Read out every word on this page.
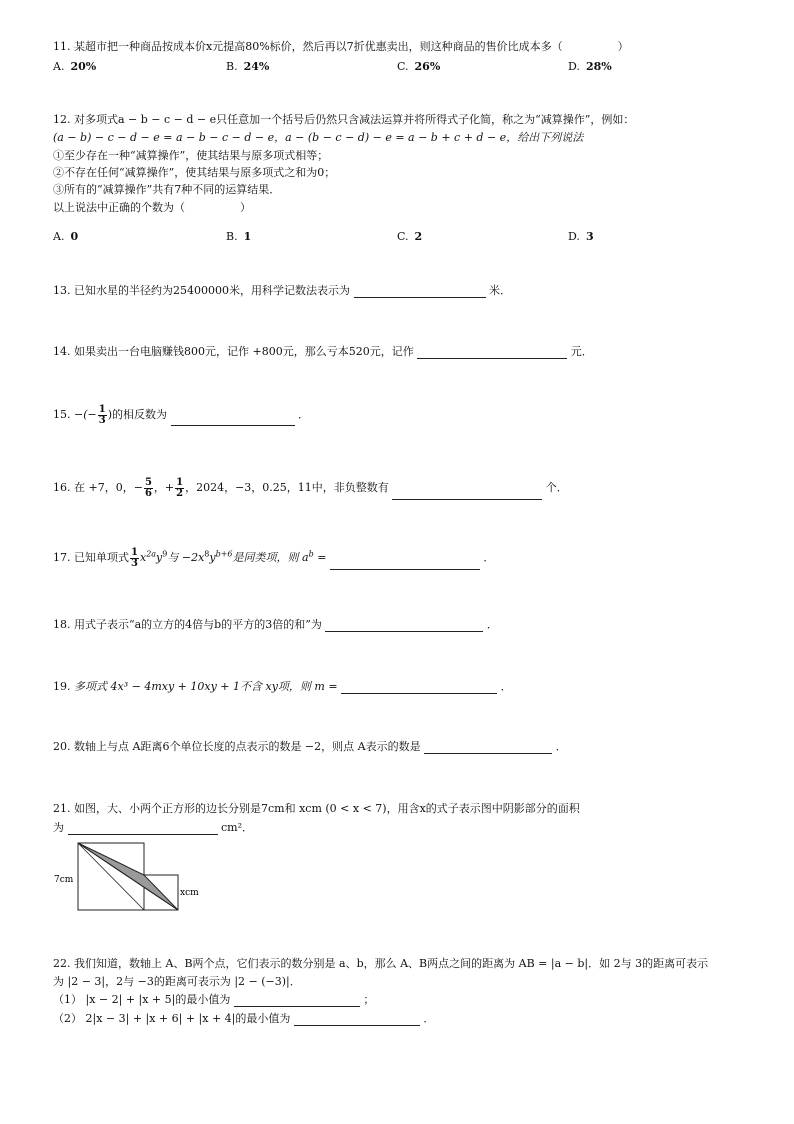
11. 某超市把一种商品按成本价x元提高80%标价，然后再以7折优惠卖出，则这种商品的售价比成本多（　　　　　）
A. 20%	B. 24%	C. 26%	D. 28%
12. 对多项式a − b − c − d − e只任意加一个括号后仍然只含减法运算并将所得式子化简，称之为“减算操作”，例如：
(a − b) − c − d − e = a − b − c − d − e，a − (b − c − d) − e = a − b + c + d − e，给出下列说法
①至少存在一种“减算操作”，使其结果与原多项式相等；
②不存在任何“减算操作”，使其结果与原多项式之和为0；
③所有的“减算操作”共有7种不同的运算结果．
以上说法中正确的个数为（　　　　　）
A. 0	B. 1	C. 2	D. 3
13. 已知水星的半径约为25400000米，用科学记数法表示为	米．
14. 如果卖出一台电脑赚钱800元，记作 +800元，那么亏本520元，记作	元．
15. −(− $\frac{1}{3}$ )的相反数为	．
16. 在 +7，0，− $\frac{5}{6}$ ，+ $\frac{1}{2}$ ，2024，−3，0.25，11中，非负整数有	个．
17. 已知单项式 $\frac{1}{3} x^{2a}y^9$与 $-2x^8y^{b+6}$是同类项，则 $a^b$ =	．
18. 用式子表示“a的立方的4倍与b的平方的3倍的和”为	．
19. 多项式 4x³ − 4mxy + 10xy + 1不含 xy项，则 m =	．
20. 数轴上与点 A距离6个单位长度的点表示的数是 −2，则点 A表示的数是	．
21. 如图，大、小两个正方形的边长分别是7cm和 xcm (0 < x < 7)，用含x的式子表示图中阴影部分的面积
为	cm²．
7cm
xcm
22. 我们知道，数轴上 A、B两个点，它们表示的数分别是 a、b，那么 A、B两点之间的距离为 AB = |a − b|．如 2与 3的距离可表示
为 |2 − 3|，2与 −3的距离可表示为 |2 − (−3)|．
（1） |x − 2| + |x + 5|的最小值为	；
（2） 2|x − 3| + |x + 6| + |x + 4|的最小值为	．
